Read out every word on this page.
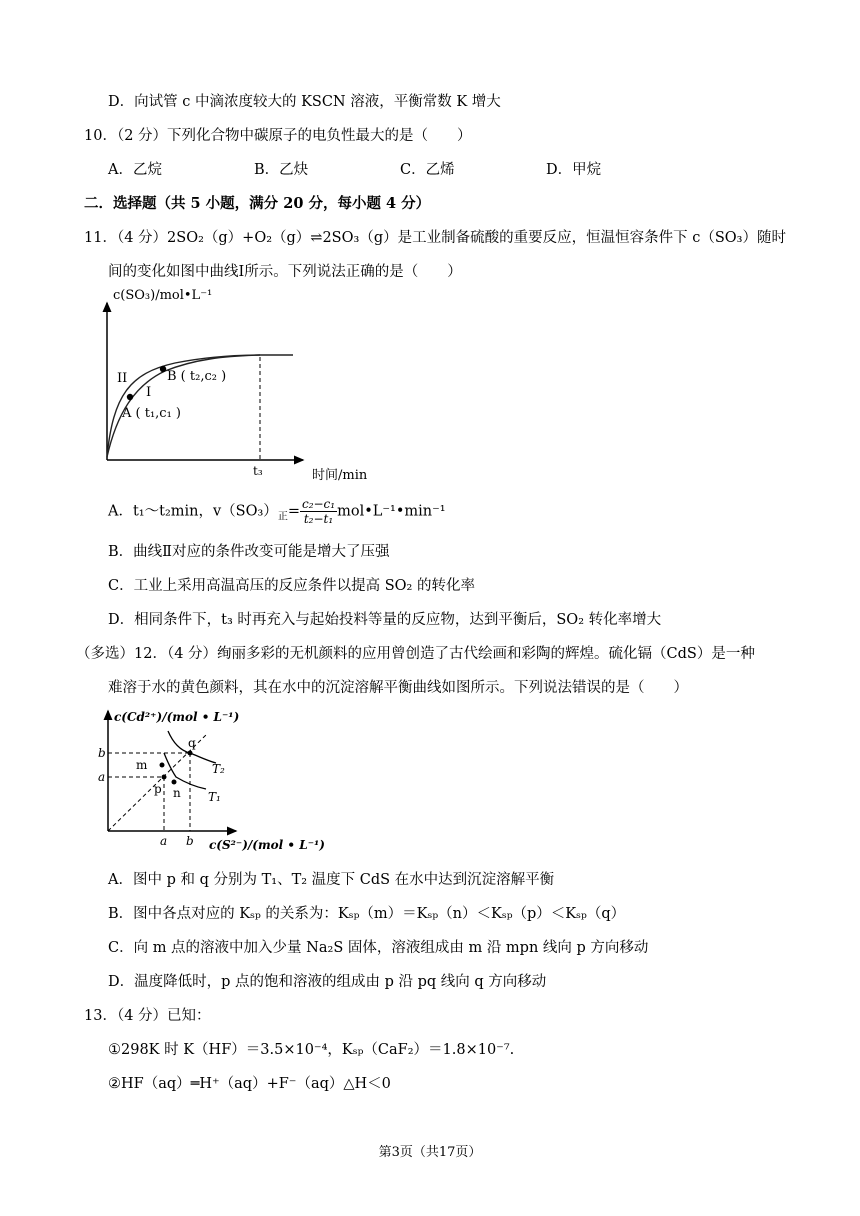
D．向试管 c 中滴浓度较大的 KSCN 溶液，平衡常数 K 增大
10．（2 分）下列化合物中碳原子的电负性最大的是（　　）
A．乙烷	B．乙炔	C．乙烯	D．甲烷
二．选择题（共 5 小题，满分 20 分，每小题 4 分）
11．（4 分）2SO₂（g）+O₂（g）⇌2SO₃（g）是工业制备硫酸的重要反应，恒温恒容条件下 c（SO₃）随时
间的变化如图中曲线Ⅰ所示。下列说法正确的是（　　）
c(SO₃)/mol•L⁻¹
II
I
B ( t₂,c₂ )
A ( t₁,c₁ )
t₃	时间/min
A．t₁～t₂min，$v(SO_3)_正= \frac{\text{c₂−c₁}}{\text{t₂−t₁}}$ mol•L⁻¹•min⁻¹
B．曲线Ⅱ对应的条件改变可能是增大了压强
C．工业上采用高温高压的反应条件以提高 SO₂ 的转化率
D．相同条件下，t₃ 时再充入与起始投料等量的反应物，达到平衡后，SO₂ 转化率增大
（多选）12．（4 分）绚丽多彩的无机颜料的应用曾创造了古代绘画和彩陶的辉煌。硫化镉（CdS）是一种
难溶于水的黄色颜料，其在水中的沉淀溶解平衡曲线如图所示。下列说法错误的是（　　）
c(Cd²⁺)/(mol • L⁻¹)
b
a
q
m
p n
T₂
T₁
a b c(S²⁻)/(mol • L⁻¹)
A．图中 p 和 q 分别为 T₁、T₂ 温度下 CdS 在水中达到沉淀溶解平衡
B．图中各点对应的 Kₛₚ 的关系为：Kₛₚ（m）＝Kₛₚ（n）＜Kₛₚ（p）＜Kₛₚ（q）
C．向 m 点的溶液中加入少量 Na₂S 固体，溶液组成由 m 沿 mpn 线向 p 方向移动
D．温度降低时，p 点的饱和溶液的组成由 p 沿 pq 线向 q 方向移动
13．（4 分）已知：
①298K 时 K（HF）＝3.5×10⁻⁴，Kₛₚ（CaF₂）＝1.8×10⁻⁷.
②HF（aq）═H⁺（aq）+F⁻（aq）△H＜0
第3页（共17页）
